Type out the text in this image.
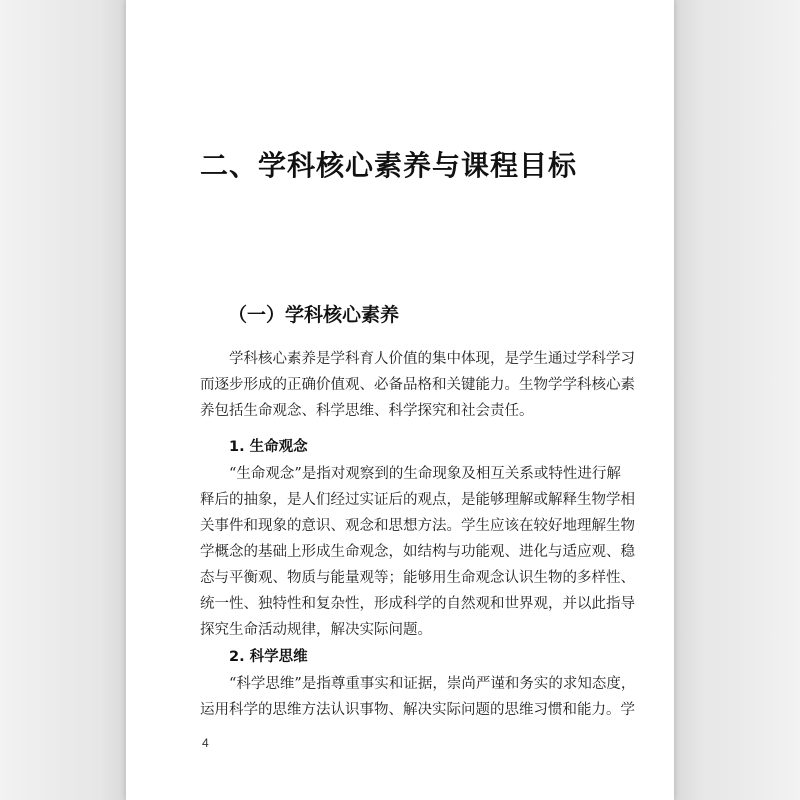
二、学科核心素养与课程目标
（一）学科核心素养

学科核心素养是学科育人价值的集中体现，是学生通过学科学习
而逐步形成的正确价值观、必备品格和关键能力。生物学学科核心素
养包括生命观念、科学思维、科学探究和社会责任。

1. 生命观念

“生命观念”是指对观察到的生命现象及相互关系或特性进行解
释后的抽象，是人们经过实证后的观点，是能够理解或解释生物学相
关事件和现象的意识、观念和思想方法。学生应该在较好地理解生物
学概念的基础上形成生命观念，如结构与功能观、进化与适应观、稳
态与平衡观、物质与能量观等；能够用生命观念认识生物的多样性、
统一性、独特性和复杂性，形成科学的自然观和世界观，并以此指导
探究生命活动规律，解决实际问题。

2. 科学思维

“科学思维”是指尊重事实和证据，崇尚严谨和务实的求知态度，
运用科学的思维方法认识事物、解决实际问题的思维习惯和能力。学

4
